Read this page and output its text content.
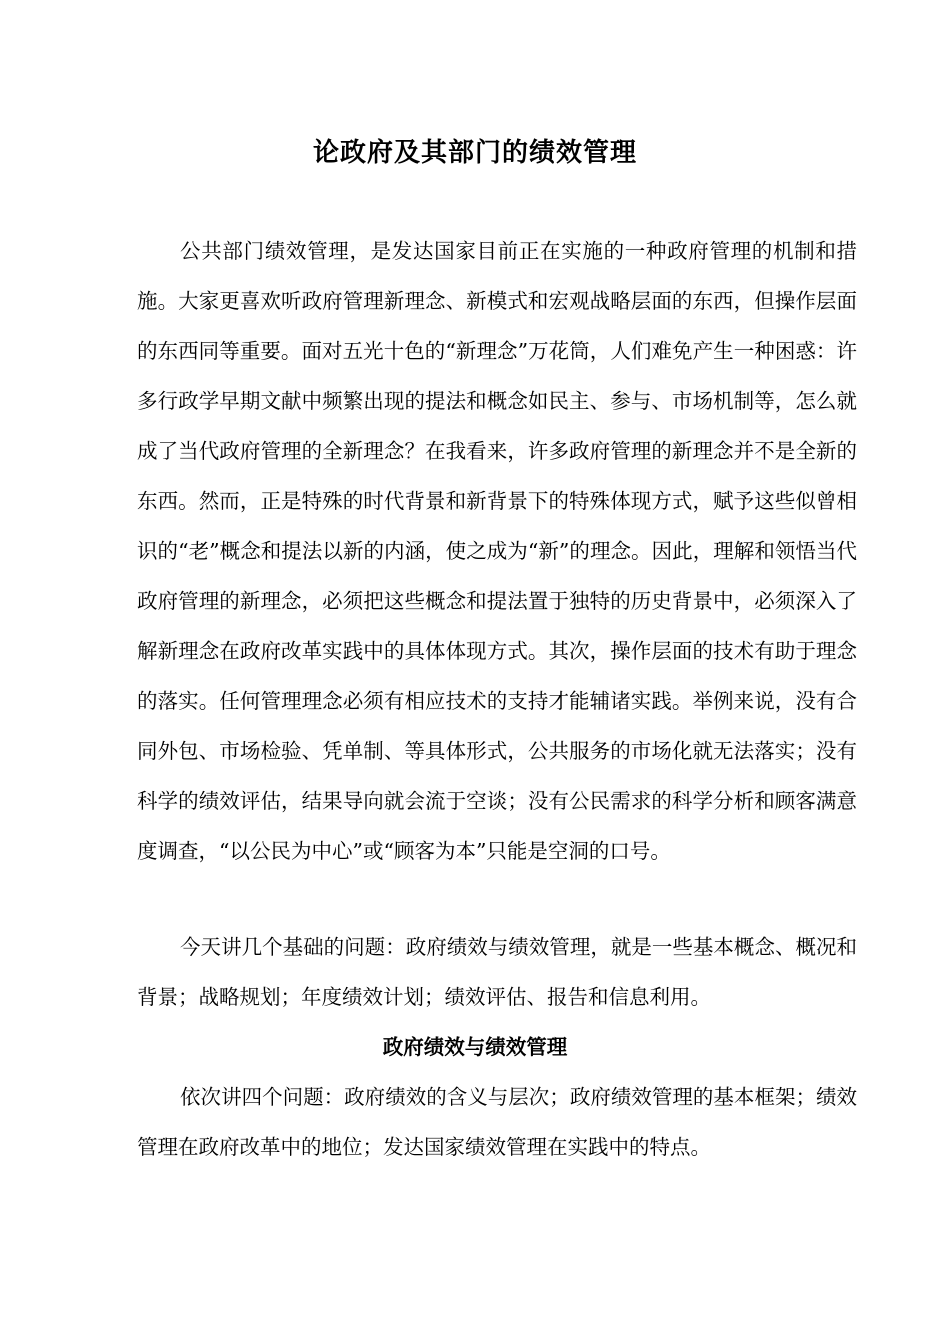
论政府及其部门的绩效管理

公共部门绩效管理，是发达国家目前正在实施的一种政府管理的机制和措施。大家更喜欢听政府管理新理念、新模式和宏观战略层面的东西，但操作层面的东西同等重要。面对五光十色的“新理念”万花筒，人们难免产生一种困惑：许多行政学早期文献中频繁出现的提法和概念如民主、参与、市场机制等，怎么就成了当代政府管理的全新理念？在我看来，许多政府管理的新理念并不是全新的东西。然而，正是特殊的时代背景和新背景下的特殊体现方式，赋予这些似曾相识的“老”概念和提法以新的内涵，使之成为“新”的理念。因此，理解和领悟当代政府管理的新理念，必须把这些概念和提法置于独特的历史背景中，必须深入了解新理念在政府改革实践中的具体体现方式。其次，操作层面的技术有助于理念的落实。任何管理理念必须有相应技术的支持才能辅诸实践。举例来说，没有合同外包、市场检验、凭单制、等具体形式，公共服务的市场化就无法落实；没有科学的绩效评估，结果导向就会流于空谈；没有公民需求的科学分析和顾客满意度调查，“以公民为中心”或“顾客为本”只能是空洞的口号。

今天讲几个基础的问题：政府绩效与绩效管理，就是一些基本概念、概况和背景；战略规划；年度绩效计划；绩效评估、报告和信息利用。

政府绩效与绩效管理

依次讲四个问题：政府绩效的含义与层次；政府绩效管理的基本框架；绩效管理在政府改革中的地位；发达国家绩效管理在实践中的特点。
